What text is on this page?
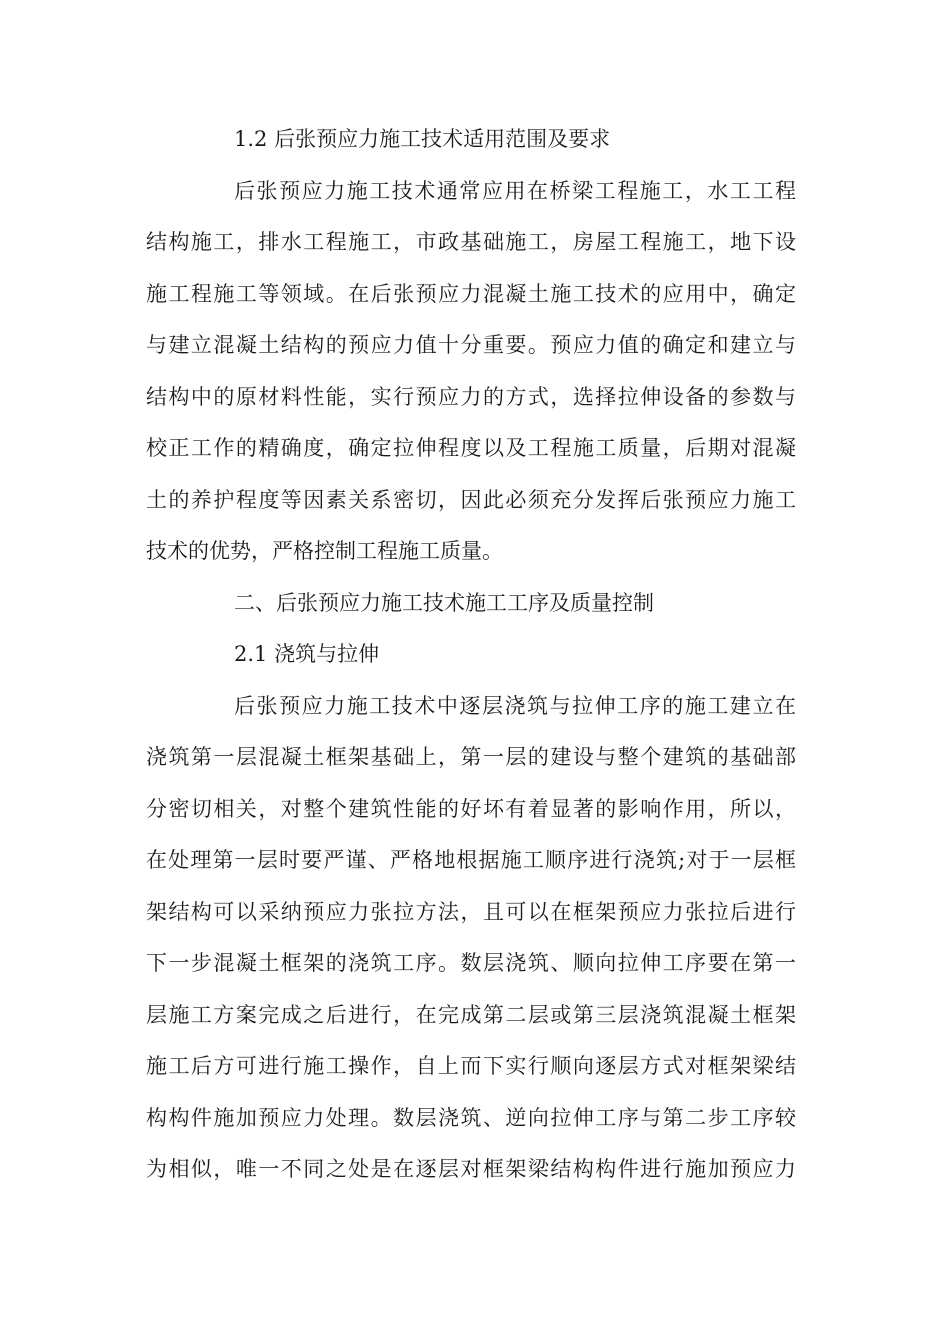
1.2 后张预应力施工技术适用范围及要求
后张预应力施工技术通常应用在桥梁工程施工，水工工程
结构施工，排水工程施工，市政基础施工，房屋工程施工，地下设
施工程施工等领域。在后张预应力混凝土施工技术的应用中，确定
与建立混凝土结构的预应力值十分重要。预应力值的确定和建立与
结构中的原材料性能，实行预应力的方式，选择拉伸设备的参数与
校正工作的精确度，确定拉伸程度以及工程施工质量，后期对混凝
土的养护程度等因素关系密切，因此必须充分发挥后张预应力施工
技术的优势，严格控制工程施工质量。
二、后张预应力施工技术施工工序及质量控制
2.1 浇筑与拉伸
后张预应力施工技术中逐层浇筑与拉伸工序的施工建立在
浇筑第一层混凝土框架基础上，第一层的建设与整个建筑的基础部
分密切相关，对整个建筑性能的好坏有着显著的影响作用，所以，
在处理第一层时要严谨、严格地根据施工顺序进行浇筑;对于一层框
架结构可以采纳预应力张拉方法，且可以在框架预应力张拉后进行
下一步混凝土框架的浇筑工序。数层浇筑、顺向拉伸工序要在第一
层施工方案完成之后进行，在完成第二层或第三层浇筑混凝土框架
施工后方可进行施工操作，自上而下实行顺向逐层方式对框架梁结
构构件施加预应力处理。数层浇筑、逆向拉伸工序与第二步工序较
为相似，唯一不同之处是在逐层对框架梁结构构件进行施加预应力
